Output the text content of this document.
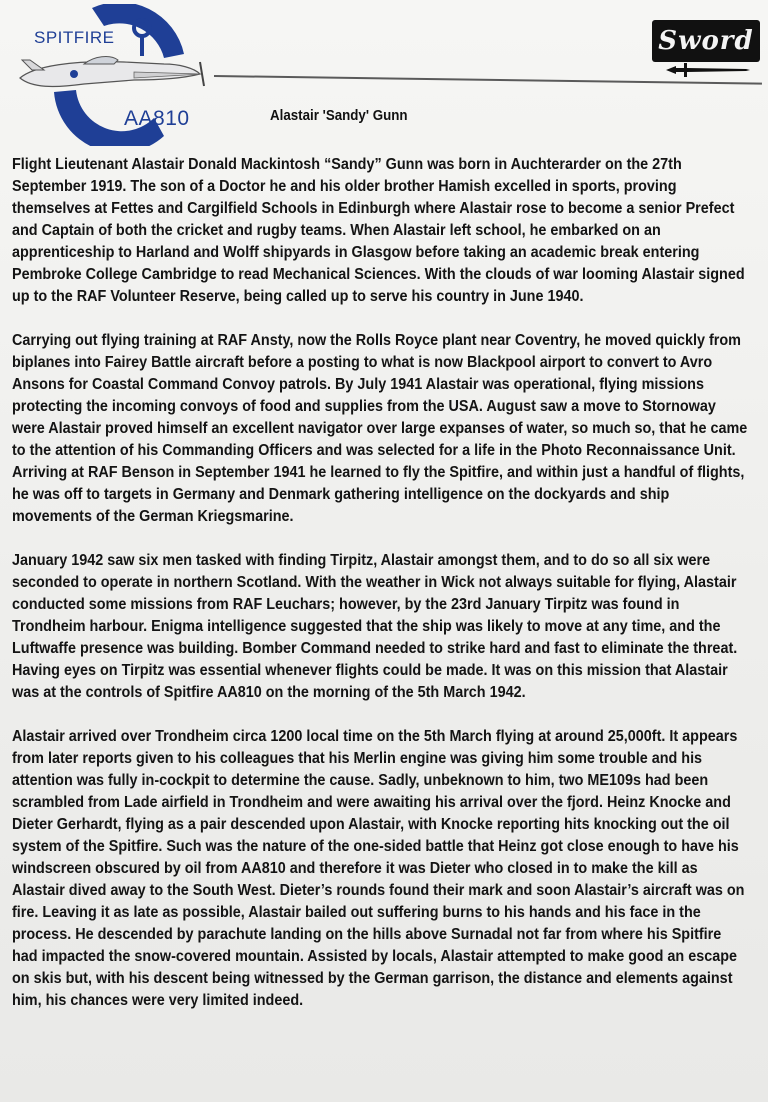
SPITFIRE
AA810
Sword
Alastair 'Sandy' Gunn

Flight Lieutenant Alastair Donald Mackintosh “Sandy” Gunn was born in Auchterarder on the 27th September 1919. The son of a Doctor he and his older brother Hamish excelled in sports, proving themselves at Fettes and Cargilfield Schools in Edinburgh where Alastair rose to become a senior Prefect and Captain of both the cricket and rugby teams. When Alastair left school, he embarked on an apprenticeship to Harland and Wolff shipyards in Glasgow before taking an academic break entering Pembroke College Cambridge to read Mechanical Sciences. With the clouds of war looming Alastair signed up to the RAF Volunteer Reserve, being called up to serve his country in June 1940.

Carrying out flying training at RAF Ansty, now the Rolls Royce plant near Coventry, he moved quickly from biplanes into Fairey Battle aircraft before a posting to what is now Blackpool airport to convert to Avro Ansons for Coastal Command Convoy patrols. By July 1941 Alastair was operational, flying missions protecting the incoming convoys of food and supplies from the USA. August saw a move to Stornoway were Alastair proved himself an excellent navigator over large expanses of water, so much so, that he came to the attention of his Commanding Officers and was selected for a life in the Photo Reconnaissance Unit. Arriving at RAF Benson in September 1941 he learned to fly the Spitfire, and within just a handful of flights, he was off to targets in Germany and Denmark gathering intelligence on the dockyards and ship movements of the German Kriegsmarine.

January 1942 saw six men tasked with finding Tirpitz, Alastair amongst them, and to do so all six were seconded to operate in northern Scotland. With the weather in Wick not always suitable for flying, Alastair conducted some missions from RAF Leuchars; however, by the 23rd January Tirpitz was found in Trondheim harbour. Enigma intelligence suggested that the ship was likely to move at any time, and the Luftwaffe presence was building. Bomber Command needed to strike hard and fast to eliminate the threat. Having eyes on Tirpitz was essential whenever flights could be made. It was on this mission that Alastair was at the controls of Spitfire AA810 on the morning of the 5th March 1942.

Alastair arrived over Trondheim circa 1200 local time on the 5th March flying at around 25,000ft. It appears from later reports given to his colleagues that his Merlin engine was giving him some trouble and his attention was fully in-cockpit to determine the cause. Sadly, unbeknown to him, two ME109s had been scrambled from Lade airfield in Trondheim and were awaiting his arrival over the fjord. Heinz Knocke and Dieter Gerhardt, flying as a pair descended upon Alastair, with Knocke reporting hits knocking out the oil system of the Spitfire. Such was the nature of the one-sided battle that Heinz got close enough to have his windscreen obscured by oil from AA810 and therefore it was Dieter who closed in to make the kill as Alastair dived away to the South West. Dieter’s rounds found their mark and soon Alastair’s aircraft was on fire. Leaving it as late as possible, Alastair bailed out suffering burns to his hands and his face in the process. He descended by parachute landing on the hills above Surnadal not far from where his Spitfire had impacted the snow-covered mountain. Assisted by locals, Alastair attempted to make good an escape on skis but, with his descent being witnessed by the German garrison, the distance and elements against him, his chances were very limited indeed.
